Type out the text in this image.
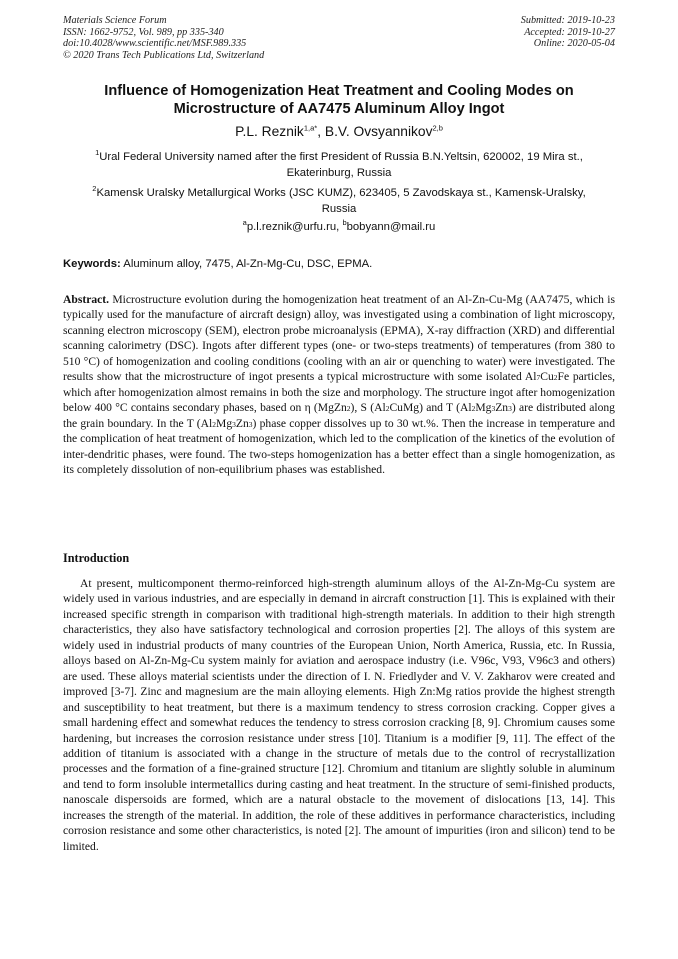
Materials Science Forum
ISSN: 1662-9752, Vol. 989, pp 335-340
doi:10.4028/www.scientific.net/MSF.989.335
© 2020 Trans Tech Publications Ltd, Switzerland
Submitted: 2019-10-23
Accepted: 2019-10-27
Online: 2020-05-04
Influence of Homogenization Heat Treatment and Cooling Modes on
Microstructure of AA7475 Aluminum Alloy Ingot
P.L. Reznik$^{1,a*}$, B.V. Ovsyannikov$^{2,b}$
$^1$Ural Federal University named after the first President of Russia B.N.Yeltsin, 620002, 19 Mira st.,
Ekaterinburg, Russia
$^2$Kamensk Uralsky Metallurgical Works (JSC KUMZ), 623405, 5 Zavodskaya st., Kamensk-Uralsky,
Russia
$^a$p.l.reznik@urfu.ru, $^b$bobyann@mail.ru
Keywords: Aluminum alloy, 7475, Al-Zn-Mg-Cu, DSC, EPMA.

Abstract. Microstructure evolution during the homogenization heat treatment of an Al-Zn-Cu-Mg (AA7475, which is typically used for the manufacture of aircraft design) alloy, was investigated using a combination of light microscopy, scanning electron microscopy (SEM), electron probe microanalysis (EPMA), X-ray diffraction (XRD) and differential scanning calorimetry (DSC). Ingots after different types (one- or two-steps treatments) of temperatures (from 380 to 510 °C) of homogenization and cooling conditions (cooling with an air or quenching to water) were investigated. The results show that the microstructure of ingot presents a typical microstructure with some isolated Al7Cu2Fe particles, which after homogenization almost remains in both the size and morphology. The structure ingot after homogenization below 400 °C contains secondary phases, based on η (MgZn2), S (Al2CuMg) and T (Al2Mg3Zn3) are distributed along the grain boundary. In the T (Al2Mg3Zn3) phase copper dissolves up to 30 wt.%. Then the increase in temperature and the complication of heat treatment of homogenization, which led to the complication of the kinetics of the evolution of inter-dendritic phases, were found. The two-steps homogenization has a better effect than a single homogenization, as its completely dissolution of non-equilibrium phases was established.

Introduction

At present, multicomponent thermo-reinforced high-strength aluminum alloys of the Al-Zn-Mg-Cu system are widely used in various industries, and are especially in demand in aircraft construction [1]. This is explained with their increased specific strength in comparison with traditional high-strength materials. In addition to their high strength characteristics, they also have satisfactory technological and corrosion properties [2]. The alloys of this system are widely used in industrial products of many countries of the European Union, North America, Russia, etc. In Russia, alloys based on Al-Zn-Mg-Cu system mainly for aviation and aerospace industry (i.e. V96c, V93, V96c3 and others) are used. These alloys material scientists under the direction of I. N. Friedlyder and V. V. Zakharov were created and improved [3-7]. Zinc and magnesium are the main alloying elements. High Zn:Mg ratios provide the highest strength and susceptibility to heat treatment, but there is a maximum tendency to stress corrosion cracking. Copper gives a small hardening effect and somewhat reduces the tendency to stress corrosion cracking [8, 9]. Chromium causes some hardening, but increases the corrosion resistance under stress [10]. Titanium is a modifier [9, 11]. The effect of the addition of titanium is associated with a change in the structure of metals due to the control of recrystallization processes and the formation of a fine-grained structure [12]. Chromium and titanium are slightly soluble in aluminum and tend to form insoluble intermetallics during casting and heat treatment. In the structure of semi-finished products, nanoscale dispersoids are formed, which are a natural obstacle to the movement of dislocations [13, 14]. This increases the strength of the material. In addition, the role of these additives in performance characteristics, including corrosion resistance and some other characteristics, is noted [2]. The amount of impurities (iron and silicon) tend to be limited.
